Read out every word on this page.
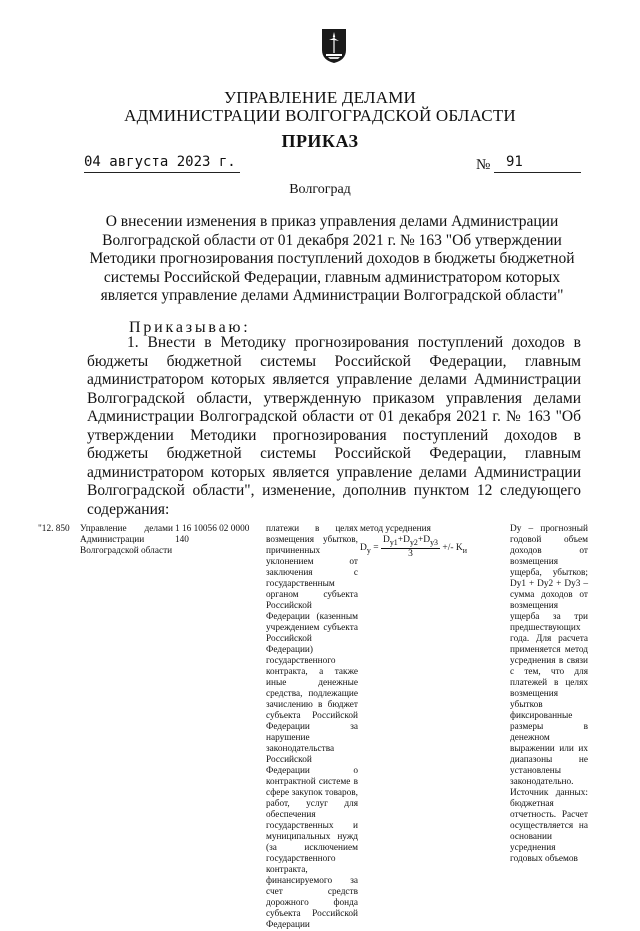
УПРАВЛЕНИЕ ДЕЛАМИ
АДМИНИСТРАЦИИ ВОЛГОГРАДСКОЙ ОБЛАСТИ
ПРИКАЗ
04 августа 2023 г.	№ 91
Волгоград
О внесении изменения в приказ управления делами Администрации Волгоградской области от 01 декабря 2021 г. № 163 "Об утверждении Методики прогнозирования поступлений доходов в бюджеты бюджетной системы Российской Федерации, главным администратором которых является управление делами Администрации Волгоградской области"
Приказываю:
1. Внести в Методику прогнозирования поступлений доходов в бюджеты бюджетной системы Российской Федерации, главным администратором которых является управление делами Администрации Волгоградской области, утвержденную приказом управления делами Администрации Волгоградской области от 01 декабря 2021 г. № 163 "Об утверждении Методики прогнозирования поступлений доходов в бюджеты бюджетной системы Российской Федерации, главным администратором которых является управление делами Администрации Волгоградской области", изменение, дополнив пунктом 12 следующего содержания:
"12. 850	Управление делами Администрации Волгоградской области
1 16 10056 02 0000 140
платежи в целях возмещения убытков, причиненных уклонением от заключения с государственным органом субъекта Российской Федерации (казенным учреждением субъекта Российской Федерации) государственного контракта, а также иные денежные средства, подлежащие зачислению в бюджет субъекта Российской Федерации за нарушение законодательства Российской Федерации о контрактной системе в сфере закупок товаров, работ, услуг для обеспечения государственных и муниципальных нужд (за исключением государственного контракта, финансируемого за счет средств дорожного фонда субъекта Российской Федерации
метод усреднения
$D_у = \frac{D_{у1}+D_{у2}+D_{у3}}{3}$ +/- $K_и$
Dу – прогнозный годовой объем доходов от возмещения ущерба, убытков; Dу1 + Dу2 + Dу3 – сумма доходов от возмещения ущерба за три предшествующих года. Для расчета применяется метод усреднения в связи с тем, что для платежей в целях возмещения убытков фиксированные размеры в денежном выражении или их диапазоны не установлены законодательно. Источник данных: бюджетная отчетность. Расчет осуществляется на основании усреднения годовых объемов
